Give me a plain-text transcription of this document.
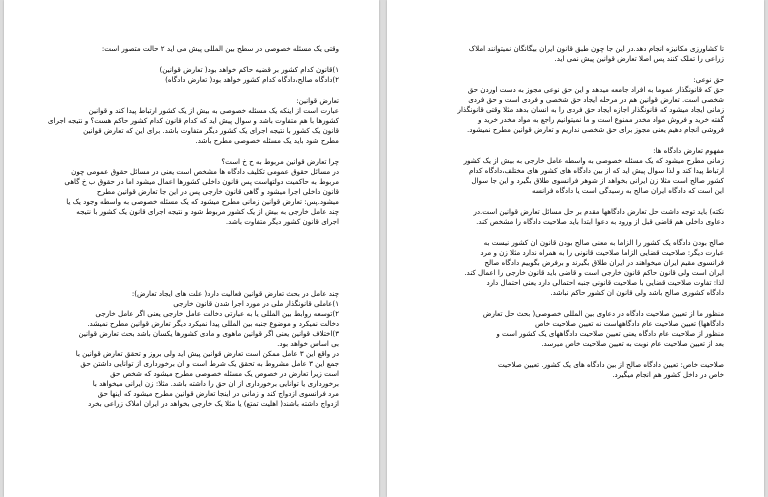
وقتی یک مسئله خصوصی در سطح بین المللی پیش می اید ۲ حالت متصور است:
۱)قانون کدام کشور بر قضیه حاکم خواهد بود( تعارض قوانین)
۲)دادگاه صالح،دادگاه کدام کشور خواهد بود( تعارض دادگاه)
تعارض قوانین:
عبارت است از اینکه یک مسئله خصوصی به بیش از یک کشور ارتباط پیدا کند و قوانین
کشورها با هم متفاوت باشد و سوال پیش اید که کدام قانون کدام کشور حاکم هست؟ و نتیجه اجرای
قانون یک کشور با نتیجه اجرای یک کشور دیگر متفاوت باشد. برای این که تعارض قوانین
مطرح شود باید یک مسئله خصوصی مطرح باشد.
چرا تعارض قوانین مربوط به ح خ است؟
در مسائل حقوق عمومی تکلیف دادگاه ها مشخص است یعنی در مسائل حقوق عمومی چون
مربوط به حاکمیت دولتهاست پس قانون داخلی کشورها اعمال میشود اما در حقوق ب خ گاهی
قانون داخلی اجرا میشود و گاهی قانون خارجی پس در این جا تعارض قوانین مطرح
میشود.پس: تعارض قوانین زمانی مطرح میشود که یک مسئله خصوصی به واسطه وجود یک یا
چند عامل خارجی به بیش از یک کشور مربوط شود و نتیجه اجرای قانون یک کشور با نتیجه
اجرای قانون کشور دیگر متفاوت باشد.
چند عامل در بحث تعارض قوانین فعالیت دارد( علت های ایجاد تعارض):
۱)عاملی قانونگذار ملی در مورد اجرا شدن قانون خارجی
۲)توسعه روابط بین المللی یا به عبارتی دخالت عامل خارجی یعنی اگر عامل خارجی
دخالت نمیکرد و موضوع جنبه بین المللی پیدا نمیکرد دیگر تعارض قوانین مطرح نمیشد.
۳)اختلاف قوانین یعنی اگر قوانین ماهوی و مادی کشورها یکسان باشد بحث تعارض قوانین
بی اساس خواهد بود.
در واقع این ۳ عامل ممکن است تعارض قوانین پیش اید ولی بروز و تحقق تعارض قوانین با
جمع این ۳ عامل مشروط به تحقق یک شرط است و ان برخورداری از توانایی داشتن حق
است زیرا تعارض در خصوص یک مسئله خصوصی مطرح میشود که شخص حق
برخورداری یا توانایی برخورداری از ان حق را داشته باشد. مثلا: زن ایرانی میخواهد با
مرد فرانسوی ازدواج کند و زمانی در اینجا تعارض قوانین مطرح میشود که اینها حق
ازدواج داشته باشند( اهلیت تمتع) یا مثلا یک خارجی بخواهد در ایران املاک زراعی بخرد
تا کشاورزی مکانیزه انجام دهد.در این جا چون طبق قانون ایران بیگانگان نمیتوانند املاک
زراعی را تملک کنند پس اصلا تعارض قوانین پیش نمی اید.
حق نوعی:
حق که قانونگذار عموما به افراد جامعه میدهد و این حق نوعی مجوز به دست اوردن حق
شخصی است. تعارض قوانین هم در مرحله ایجاد حق شخصی و فردی است و حق فردی
زمانی ایجاد میشود که قانونگذار اجازه ایجاد حق فردی را به انسان بدهد مثلا وقتی قانونگذار
گفته خرید و فروش مواد مخدر ممنوع است و ما نمیتوانیم راجع به مواد مخدر خرید و
فروشی انجام دهیم یعنی مجوز برای حق شخصی نداریم و تعارض قوانین مطرح نمیشود.
مفهوم تعارض دادگاه ها:
زمانی مطرح میشود که یک مسئله خصوصی به واسطه عامل خارجی به بیش از یک کشور
ارتباط پیدا کند و لذا سوال پیش اید که از بین دادگاه های کشور های مختلف،دادگاه کدام
کشور صالح است مثلا زن ایرانی بخواهد از شوهر فرانسوی طلاق بگیرد و این جا سوال
این است که دادگاه ایران صالح به رسیدگی است یا دادگاه فرانسه
نکته) باید توجه داشت حل تعارض دادگاهها مقدم بر حل مسائل تعارض قوانین است.در
دعاوی داخلی هم قاضی قبل از ورود به دعوا ابتدا باید صلاحیت دادگاه را مشخص کند.
صالح بودن دادگاه یک کشور را الزاما به معنی صالح بودن قانون ان کشور نیست به
عبارت دیگر: صلاحیت قضایی الزاما صلاحیت قانونی را به همراه ندارد مثلا زن و مرد
فرانسوی مقیم ایران میخواهند در ایران طلاق بگیرند و برفرض بگوییم دادگاه صالح
ایران است ولی قانون حاکم قانون خارجی است و قاضی باید قانون خارجی را اعمال کند.
لذا: تفاوت صلاحیت قضایی با صلاحیت قانونی جنبه احتمالی دارد یعنی احتمال دارد
دادگاه کشوری صالح باشد ولی قانون ان کشور حاکم نباشد.
منظور ما از تعیین صلاحیت دادگاه در دعاوی بین المللی خصوصی( بحث حل تعارض
دادگاهها) تعیین صلاحیت عام دادگاههاست نه تعیین صلاحیت خاص
منظور از صلاحیت عام دادگاه یعنی تعیین صلاحیت دادگاههای یک کشور است و
بعد از تعیین صلاحیت عام نوبت به تعیین صلاحیت خاص میرسد.
صلاحیت خاص: تعیین دادگاه صالح از بین دادگاه های یک کشور. تعیین صلاحیت
خاص در داخل کشور هم انجام میگیرد.
